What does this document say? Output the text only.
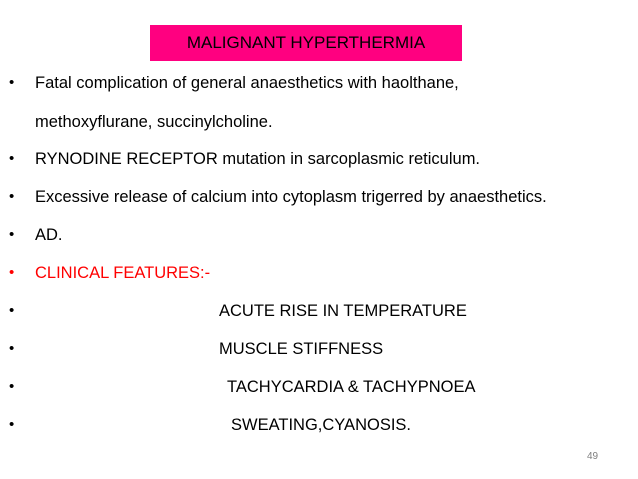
MALIGNANT HYPERTHERMIA
• Fatal complication of general anaesthetics with haolthane,
methoxyflurane, succinylcholine.
• RYNODINE RECEPTOR mutation in sarcoplasmic reticulum.
• Excessive release of calcium into cytoplasm trigerred by anaesthetics.
• AD.
• CLINICAL FEATURES:-
•	ACUTE RISE IN TEMPERATURE
•	MUSCLE STIFFNESS
•	TACHYCARDIA & TACHYPNOEA
•	SWEATING,CYANOSIS.
49
